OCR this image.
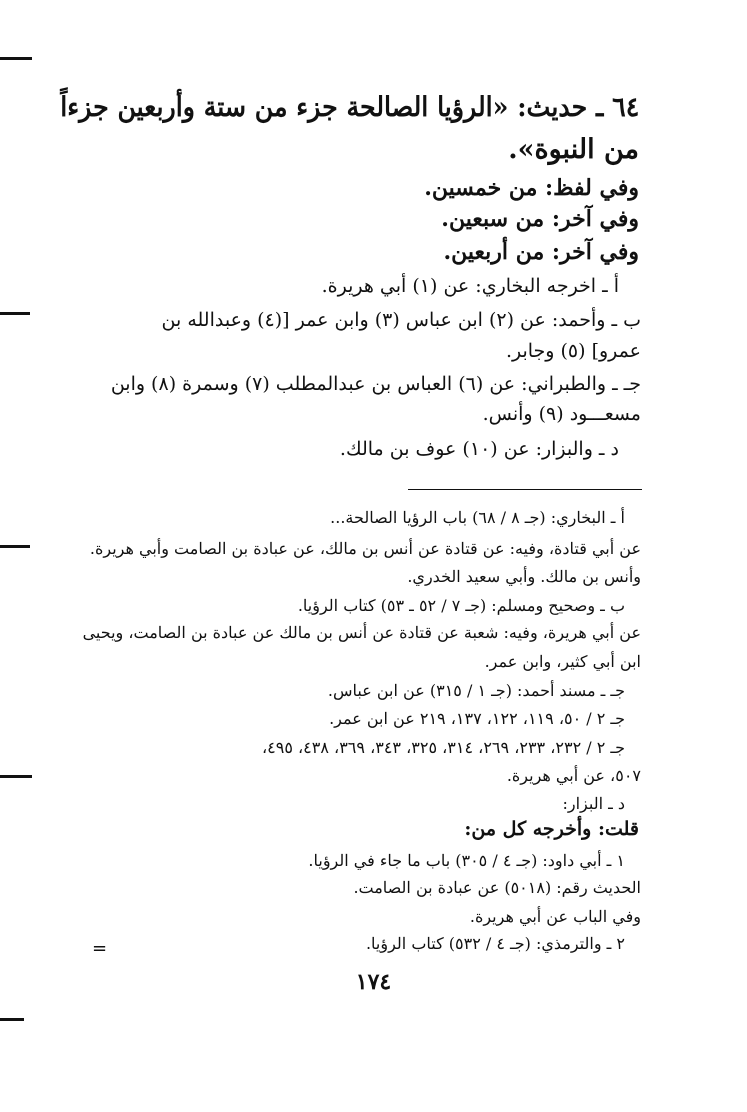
٦٤ ـ حديث: «الرؤيا الصالحة جزء من ستة وأربعين جزءاً
من النبوة».
وفي لفظ: من خمسين.
وفي آخر: من سبعين.
وفي آخر: من أربعين.
أ ـ اخرجه البخاري: عن (١) أبي هريرة.
ب ـ وأحمد: عن (٢) ابن عباس (٣) وابن عمر [(٤) وعبدالله بن
عمرو] (٥) وجابر.
جـ ـ والطبراني: عن (٦) العباس بن عبدالمطلب (٧) وسمرة (٨) وابن
مسعـــود (٩) وأنس.
د ـ والبزار: عن (١٠) عوف بن مالك.
أ ـ البخاري: (جـ ٨ / ٦٨) باب الرؤيا الصالحة...
عن أبي قتادة، وفيه: عن قتادة عن أنس بن مالك، عن عبادة بن الصامت وأبي هريرة.
وأنس بن مالك. وأبي سعيد الخدري.
ب ـ وصحيح ومسلم: (جـ ٧ / ٥٢ ـ ٥٣) كتاب الرؤيا.
عن أبي هريرة، وفيه: شعبة عن قتادة عن أنس بن مالك عن عبادة بن الصامت، ويحيى
ابن أبي كثير، وابن عمر.
جـ ـ مسند أحمد: (جـ ١ / ٣١٥) عن ابن عباس.
جـ ٢ / ٥٠، ١١٩، ١٢٢، ١٣٧، ٢١٩ عن ابن عمر.
جـ ٢ / ٢٣٢، ٢٣٣، ٢٦٩، ٣١٤، ٣٢٥، ٣٤٣، ٣٦٩، ٤٣٨، ٤٩٥،
٥٠٧، عن أبي هريرة.
د ـ البزار:
قلت: وأخرجه كل من:
١ ـ أبي داود: (جـ ٤ / ٣٠٥) باب ما جاء في الرؤيا.
الحديث رقم: (٥٠١٨) عن عبادة بن الصامت.
وفي الباب عن أبي هريرة.
٢ ـ والترمذي: (جـ ٤ / ٥٣٢) كتاب الرؤيا.
=
١٧٤
